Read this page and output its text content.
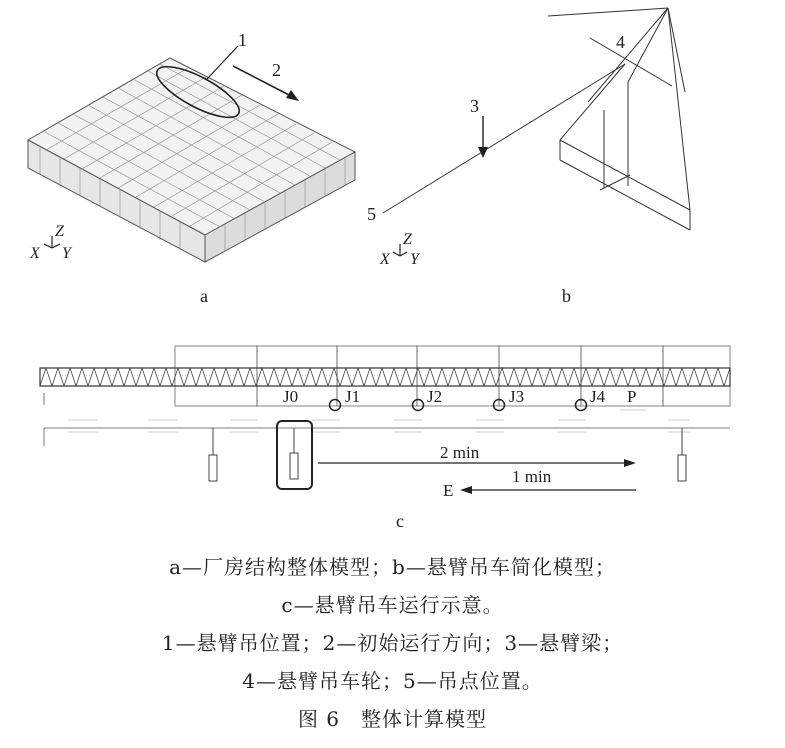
1
2
Z
X Y
a
3
4
5
Z
X Y
b
J0	J1	J2	J3	J4 P
2 min
1 min
E
c
a—厂房结构整体模型；b—悬臂吊车简化模型；
c—悬臂吊车运行示意。
1—悬臂吊位置；2—初始运行方向；3—悬臂梁；
4—悬臂吊车轮；5—吊点位置。
图 6　整体计算模型
